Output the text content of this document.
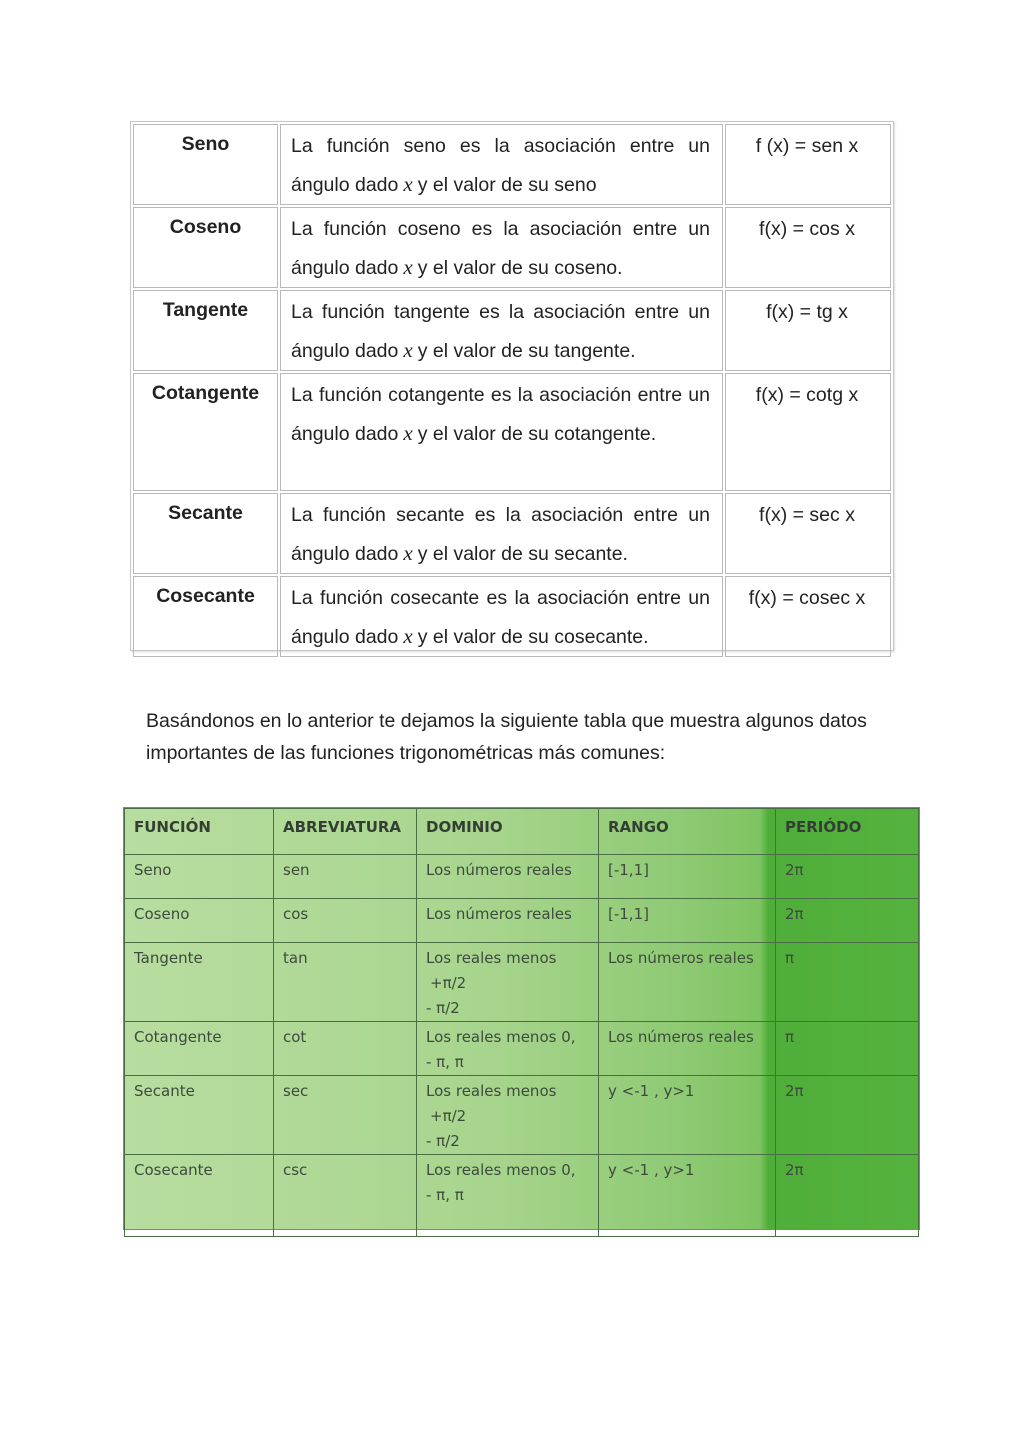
Seno	La función seno es la asociación entre un ángulo dado x y el valor de su seno	f (x) = sen x
Coseno	La función coseno es la asociación entre un ángulo dado x y el valor de su coseno.	f(x) = cos x
Tangente	La función tangente es la asociación entre un ángulo dado x y el valor de su tangente.	f(x) = tg x
Cotangente	La función cotangente es la asociación entre un ángulo dado x y el valor de su cotangente.	f(x) = cotg x
Secante	La función secante es la asociación entre un ángulo dado x y el valor de su secante.	f(x) = sec x
Cosecante	La función cosecante es la asociación entre un ángulo dado x y el valor de su cosecante.	f(x) = cosec x

Basándonos en lo anterior te dejamos la siguiente tabla que muestra algunos datos importantes de las funciones trigonométricas más comunes:

FUNCIÓN	ABREVIATURA	DOMINIO	RANGO	PERIÓDO
Seno	sen	Los números reales	[-1,1]	2π
Coseno	cos	Los números reales	[-1,1]	2π
Tangente	tan	Los reales menos
+π/2
- π/2	Los números reales	π
Cotangente	cot	Los reales menos 0,
- π, π	Los números reales	π
Secante	sec	Los reales menos
+π/2
- π/2	y <-1 , y>1	2π
Cosecante	csc	Los reales menos 0,
- π, π	y <-1 , y>1	2π
